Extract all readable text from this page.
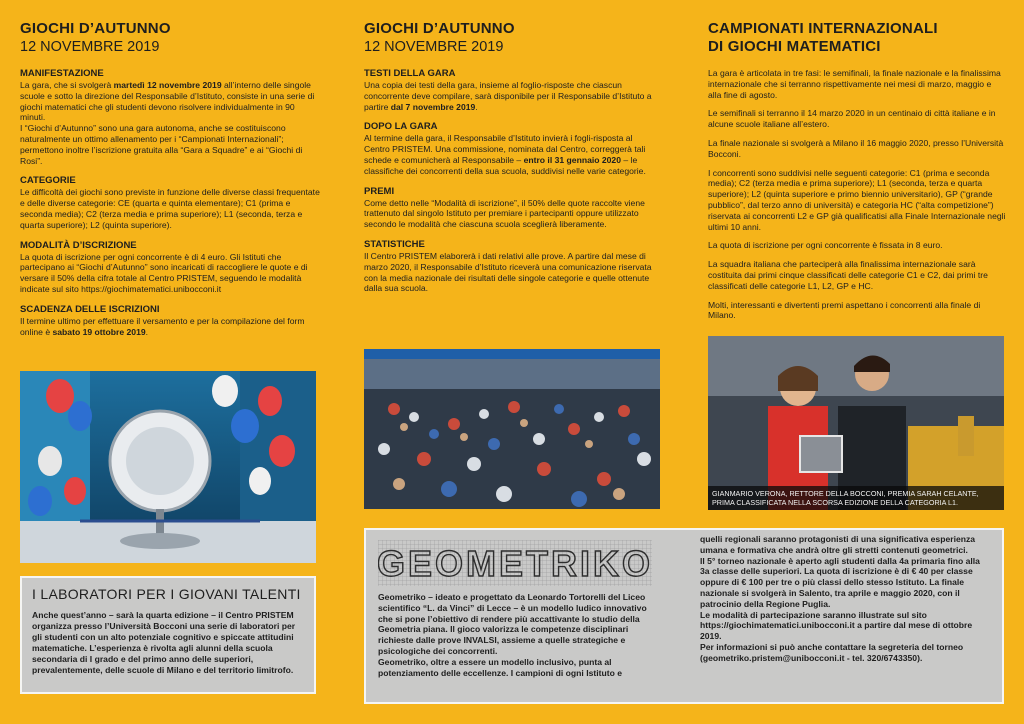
GIOCHI D’AUTUNNO
12 NOVEMBRE 2019
MANIFESTAZIONE

La gara, che si svolgerà martedì 12 novembre 2019 all’interno delle singole scuole e sotto la direzione del Responsabile d’Istituto, consiste in una serie di giochi matematici che gli studenti devono risolvere individualmente in 90 minuti.

I “Giochi d’Autunno” sono una gara autonoma, anche se costituiscono naturalmente un ottimo allenamento per i “Campionati Internazionali”; permettono inoltre l’iscrizione gratuita alla “Gara a Squadre” e ai “Giochi di Rosi”.

CATEGORIE

Le difficoltà dei giochi sono previste in funzione delle diverse classi frequentate e delle diverse categorie: CE (quarta e quinta elementare); C1 (prima e seconda media); C2 (terza media e prima superiore); L1 (seconda, terza e quarta superiore); L2 (quinta superiore).

MODALITÀ D’ISCRIZIONE

La quota di iscrizione per ogni concorrente è di 4 euro. Gli Istituti che partecipano ai “Giochi d’Autunno” sono incaricati di raccogliere le quote e di versare il 50% della cifra totale al Centro PRISTEM, seguendo le modalità indicate sul sito https://giochimatematici.unibocconi.it

SCADENZA DELLE ISCRIZIONI

Il termine ultimo per effettuare il versamento e per la compilazione del form online è sabato 19 ottobre 2019.

I LABORATORI PER I GIOVANI TALENTI

Anche quest’anno – sarà la quarta edizione – il Centro PRISTEM organizza presso l’Università Bocconi una serie di laboratori per gli studenti con un alto potenziale cognitivo e spiccate attitudini matematiche. L’esperienza è rivolta agli alunni della scuola secondaria di I grado e del primo anno delle superiori, prevalentemente, delle scuole di Milano e del territorio limitrofo.

GIOCHI D’AUTUNNO
12 NOVEMBRE 2019
TESTI DELLA GARA

Una copia dei testi della gara, insieme al foglio-risposte che ciascun concorrente deve compilare, sarà disponibile per il Responsabile d’Istituto a partire dal 7 novembre 2019.

DOPO LA GARA

Al termine della gara, il Responsabile d’Istituto invierà i fogli-risposta al Centro PRISTEM. Una commissione, nominata dal Centro, correggerà tali schede e comunicherà al Responsabile – entro il 31 gennaio 2020 – le classifiche dei concorrenti della sua scuola, suddivisi nelle varie categorie.

PREMI

Come detto nelle “Modalità di iscrizione”, il 50% delle quote raccolte viene trattenuto dal singolo Istituto per premiare i partecipanti oppure utilizzato secondo le modalità che ciascuna scuola sceglierà liberamente.

STATISTICHE

Il Centro PRISTEM elaborerà i dati relativi alle prove. A partire dal mese di marzo 2020, il Responsabile d’Istituto riceverà una comunicazione riservata con la media nazionale dei risultati delle singole categorie e quelle ottenute dalla sua scuola.

GEOMETRIKO

Geometriko – ideato e progettato da Leonardo Tortorelli del Liceo scientifico “L. da Vinci” di Lecce – è un modello ludico innovativo che si pone l’obiettivo di rendere più accattivante lo studio della Geometria piana. Il gioco valorizza le competenze disciplinari richieste dalle prove INVALSI, assieme a quelle strategiche e psicologiche dei concorrenti.

Geometriko, oltre a essere un modello inclusivo, punta al potenziamento delle eccellenze. I campioni di ogni Istituto e

quelli regionali saranno protagonisti di una significativa esperienza umana e formativa che andrà oltre gli stretti contenuti geometrici.

Il 5° torneo nazionale è aperto agli studenti dalla 4a primaria fino alla 3a classe delle superiori. La quota di iscrizione è di € 40 per classe oppure di € 100 per tre o più classi dello stesso Istituto. La finale nazionale si svolgerà in Salento, tra aprile e maggio 2020, con il patrocinio della Regione Puglia.

Le modalità di partecipazione saranno illustrate sul sito https://giochimatematici.unibocconi.it a partire dal mese di ottobre 2019.

Per informazioni si può anche contattare la segreteria del torneo (geometriko.pristem@unibocconi.it - tel. 320/6743350).

CAMPIONATI INTERNAZIONALI
DI GIOCHI MATEMATICI

La gara è articolata in tre fasi: le semifinali, la finale nazionale e la finalissima internazionale che si terranno rispettivamente nei mesi di marzo, maggio e alla fine di agosto.

Le semifinali si terranno il 14 marzo 2020 in un centinaio di città italiane e in alcune scuole italiane all’estero.

La finale nazionale si svolgerà a Milano il 16 maggio 2020, presso l’Università Bocconi.

I concorrenti sono suddivisi nelle seguenti categorie: C1 (prima e seconda media); C2 (terza media e prima superiore); L1 (seconda, terza e quarta superiore); L2 (quinta superiore e primo biennio universitario), GP (“grande pubblico”, dal terzo anno di università) e categoria HC (“alta competizione”) riservata ai concorrenti L2 e GP già qualificatisi alla Finale Internazionale negli ultimi 10 anni.

La quota di iscrizione per ogni concorrente è fissata in 8 euro.

La squadra italiana che parteciperà alla finalissima internazionale sarà costituita dai primi cinque classificati delle categorie C1 e C2, dai primi tre classificati delle categorie L1, L2, GP e HC.

Molti, interessanti e divertenti premi aspettano i concorrenti alla finale di Milano.

GIANMARIO VERONA, RETTORE DELLA BOCCONI, PREMIA SARAH CELANTE, PRIMA CLASSIFICATA NELLA SCORSA EDIZIONE DELLA CATEGORIA L1.
